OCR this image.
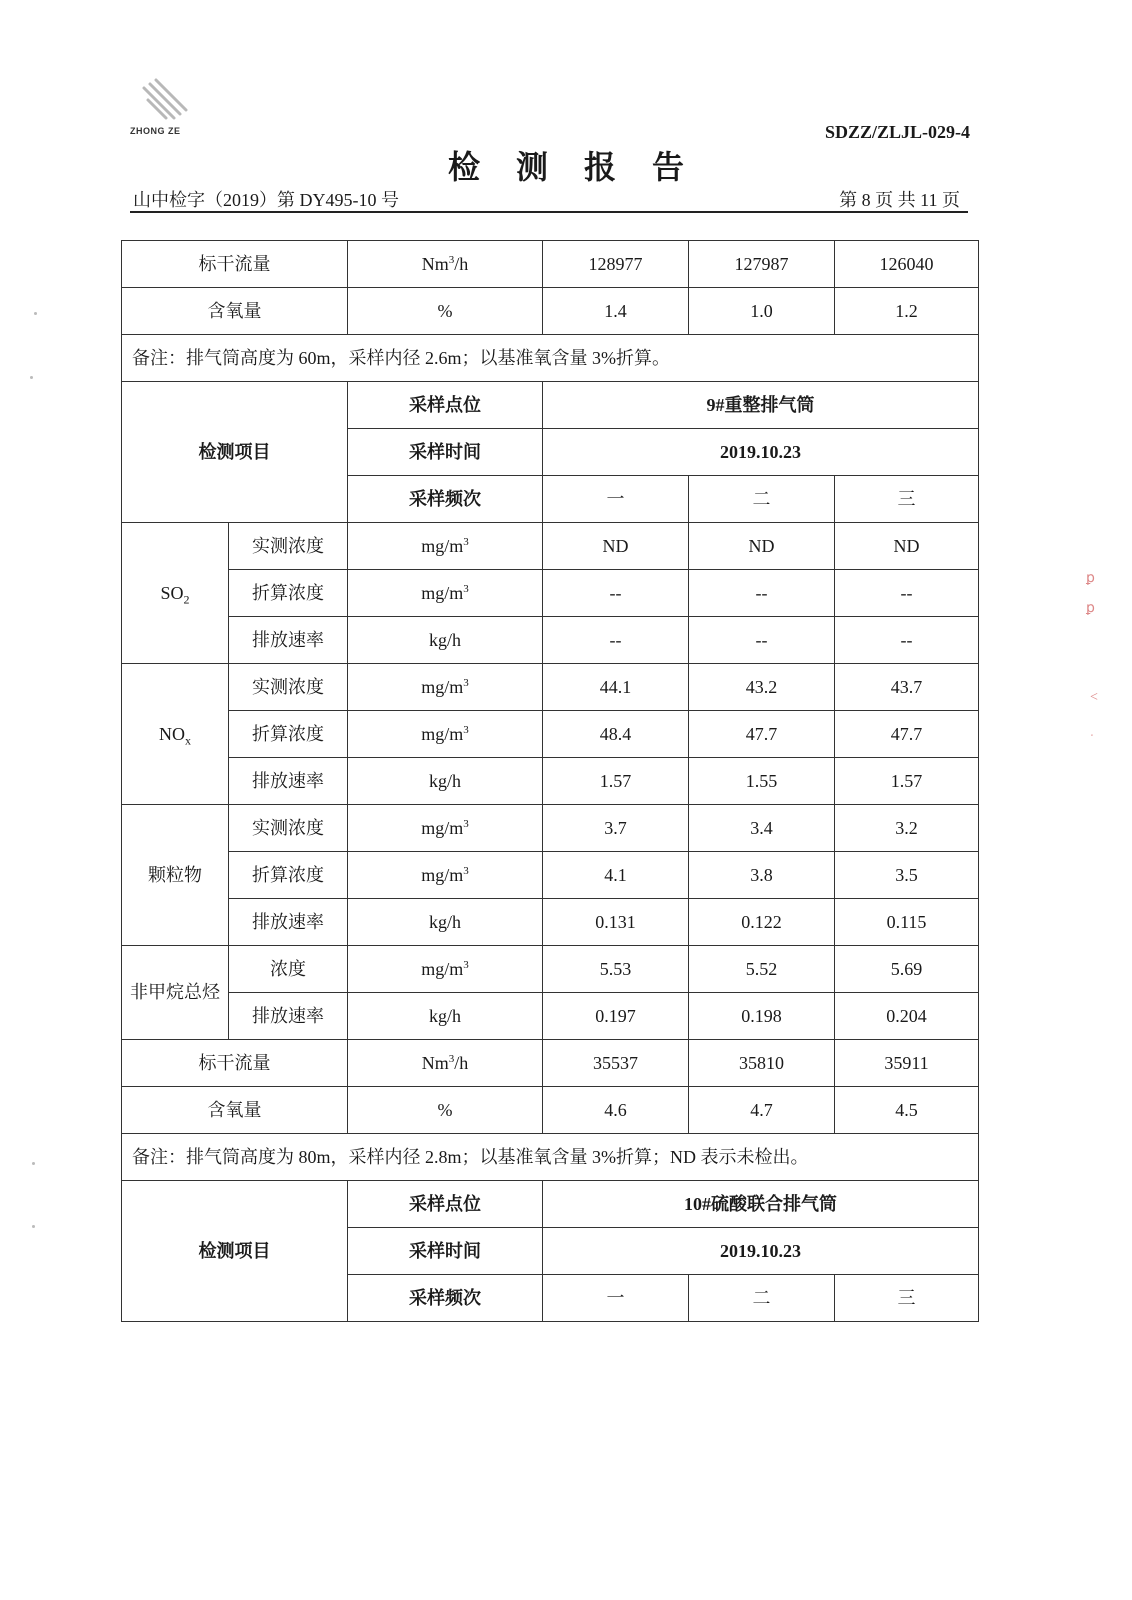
ZHONG ZE	SDZZ/ZLJL-029-4
检测报告
山中检字（2019）第 DY495-10 号	第 8 页 共 11 页
ꝑ
ꝑ
˂
ˑ
标干流量		Nm$^3$/h	128977	127987	126040
含氧量		%	1.4	1.0	1.2
备注：排气筒高度为 60m，采样内径 2.6m；以基准氧含量 3%折算。					
检测项目		采样点位	9#重整排气筒		
		采样时间	2019.10.23		
		采样频次	一	二	三
$SO_2$	实测浓度	$mg/m^3$	ND	ND	ND
	折算浓度	$mg/m^3$	--	--	--
	排放速率	kg/h	--	--	--
$NO_x$	实测浓度	$mg/m^3$	44.1	43.2	43.7
	折算浓度	$mg/m^3$	48.4	47.7	47.7
	排放速率	kg/h	1.57	1.55	1.57
颗粒物	实测浓度	$mg/m^3$	3.7	3.4	3.2
	折算浓度	$mg/m^3$	4.1	3.8	3.5
	排放速率	kg/h	0.131	0.122	0.115
非甲烷总烃	浓度	$mg/m^3$	5.53	5.52	5.69
	排放速率	kg/h	0.197	0.198	0.204
标干流量		Nm$^3$/h	35537	35810	35911
含氧量		%	4.6	4.7	4.5
备注：排气筒高度为 80m，采样内径 2.8m；以基准氧含量 3%折算；ND 表示未检出。					
检测项目		采样点位	10#硫酸联合排气筒		
		采样时间	2019.10.23		
		采样频次	一	二	三
